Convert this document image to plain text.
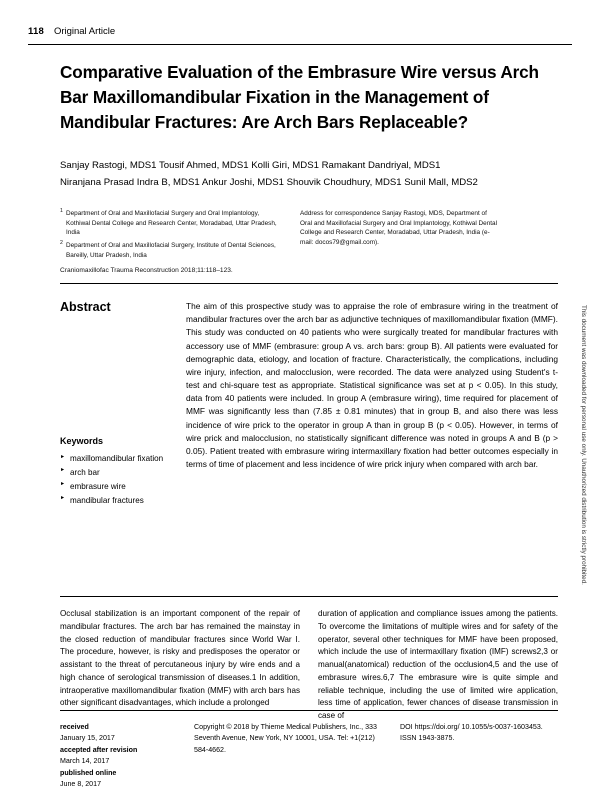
118 Original Article
This document was downloaded for personal use only. Unauthorized distribution is strictly prohibited.
Comparative Evaluation of the Embrasure Wire versus Arch Bar Maxillomandibular Fixation in the Management of Mandibular Fractures: Are Arch Bars Replaceable?
Sanjay Rastogi, MDS1 Tousif Ahmed, MDS1 Kolli Giri, MDS1 Ramakant Dandriyal, MDS1
Niranjana Prasad Indra B, MDS1 Ankur Joshi, MDS1 Shouvik Choudhury, MDS1 Sunil Mall, MDS2
1 Department of Oral and Maxillofacial Surgery and Oral Implantology, Kothiwal Dental College and Research Center, Moradabad, Uttar Pradesh, India
2 Department of Oral and Maxillofacial Surgery, Institute of Dental Sciences, Bareilly, Uttar Pradesh, India
Address for correspondence Sanjay Rastogi, MDS, Department of Oral and Maxillofacial Surgery and Oral Implantology, Kothiwal Dental College and Research Center, Moradabad, Uttar Pradesh, India (e-mail: docos79@gmail.com).
Craniomaxillofac Trauma Reconstruction 2018;11:118–123.
Abstract	The aim of this prospective study was to appraise the role of embrasure wiring in the treatment of mandibular fractures over the arch bar as adjunctive techniques of maxillomandibular fixation (MMF). This study was conducted on 40 patients who were surgically treated for mandibular fractures with accessory use of MMF (embrasure: group A vs. arch bars: group B). All patients were evaluated for demographic data, etiology, and location of fracture. Characteristically, the complications, including wire injury, infection, and malocclusion, were recorded. The data were analyzed using Student's t-test and chi-square test as appropriate. Statistical significance was set at p < 0.05). In this study, data from 40 patients were included. In group A (embrasure wiring), time required for placement of MMF was significantly less than (7.85 ± 0.81 minutes) that in group B, and also there was less incidence of wire prick to the operator in group A than in group B (p < 0.05). However, in terms of wire prick and malocclusion, no statistically significant difference was noted in groups A and B (p > 0.05). Patient treated with embrasure wiring intermaxillary fixation had better outcomes especially in terms of time of placement and less incidence of wire prick injury when compared with arch bar.
Keywords
► maxillomandibular fixation
► arch bar
► embrasure wire
► mandibular fractures
Occlusal stabilization is an important component of the repair of mandibular fractures. The arch bar has remained the mainstay in the closed reduction of mandibular fractures since World War I. The procedure, however, is risky and predisposes the operator or assistant to the threat of percutaneous injury by wire ends and a high chance of serological transmission of diseases.1 In addition, intraoperative maxillomandibular fixation (MMF) with arch bars has other significant disadvantages, which include a prolonged
duration of application and compliance issues among the patients. To overcome the limitations of multiple wires and for safety of the operator, several other techniques for MMF have been proposed, which include the use of intermaxillary fixation (IMF) screws2,3 or manual(anatomical) reduction of the occlusion4,5 and the use of embrasure wires.6,7 The embrasure wire is quite simple and reliable technique, including the use of limited wire application, less time of application, fewer chances of disease transmission in case of
received
January 15, 2017
accepted after revision
March 14, 2017
published online
June 8, 2017
Copyright © 2018 by Thieme Medical Publishers, Inc., 333 Seventh Avenue, New York, NY 10001, USA. Tel: +1(212) 584-4662.
DOI https://doi.org/ 10.1055/s-0037-1603453. ISSN 1943-3875.
